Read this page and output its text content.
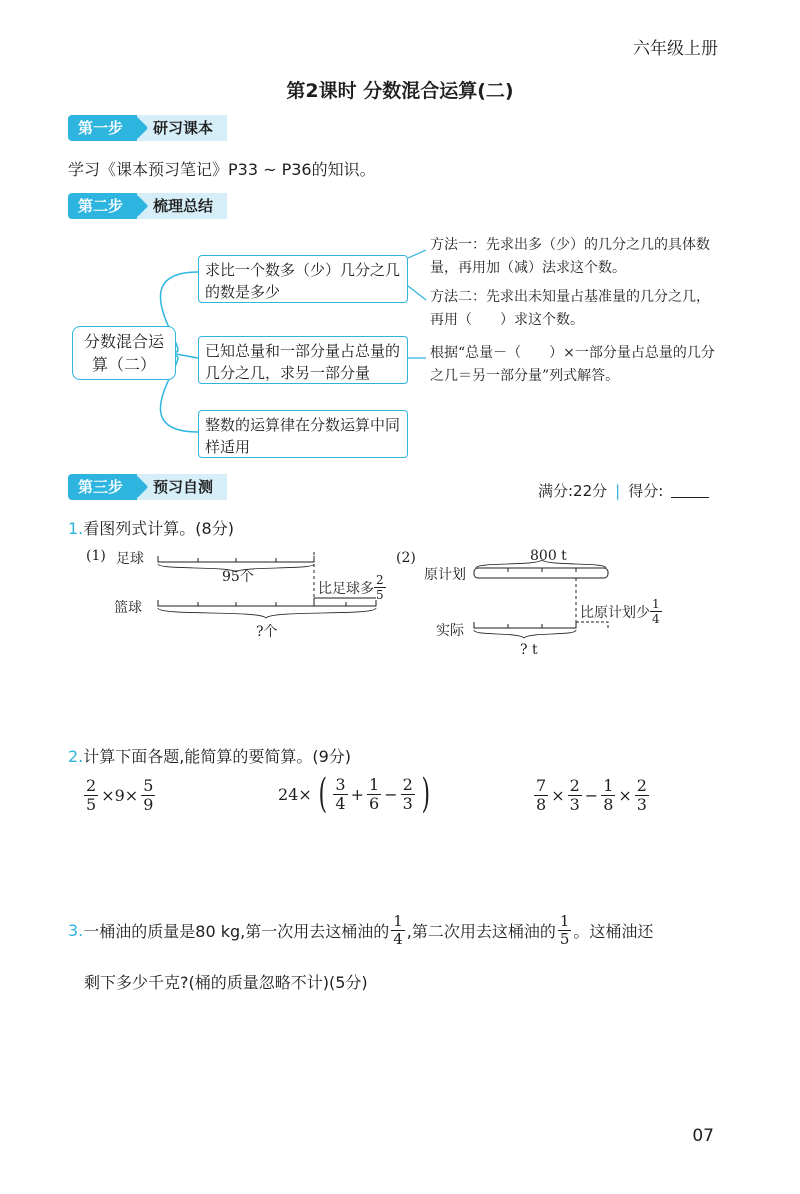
六年级上册
第2课时 分数混合运算(二)
第一步	研习课本
学习《课本预习笔记》P33 ~ P36的知识。
第二步	梳理总结
分数混合运算（二）
求比一个数多（少）几分之几的数是多少
已知总量和一部分量占总量的几分之几，求另一部分量
整数的运算律在分数运算中同样适用
方法一：先求出多（少）的几分之几的具体数量，再用加（减）法求这个数。
方法二：先求出未知量占基准量的几分之几，再用（　　）求这个数。
根据“总量－（　　）×一部分量占总量的几分之几＝另一部分量”列式解答。
第三步	预习自测	满分:22分 | 得分:
1.看图列式计算。(8分)
(1) 足球
95个
比足球多 $\frac{2}{5}$
篮球
?个
(2)
原计划
800 t
比原计划少 $\frac{1}{4}$
实际
? t
2.计算下面各题,能简算的要简算。(9分)
$\frac{2}{5} \times 9\times \frac{5}{9}$	24× ( $\frac{3}{4} + \frac{1}{6} - \frac{2}{3}$ )	$\frac{7}{8} \times \frac{2}{3} - \frac{1}{8} \times \frac{2}{3}$
3. 一桶油的质量是80 kg,第一次用去这桶油的 $\frac{1}{4}$ ,第二次用去这桶油的 $\frac{1}{5}$ 。这桶油还
剩下多少千克?(桶的质量忽略不计)(5分)
07
